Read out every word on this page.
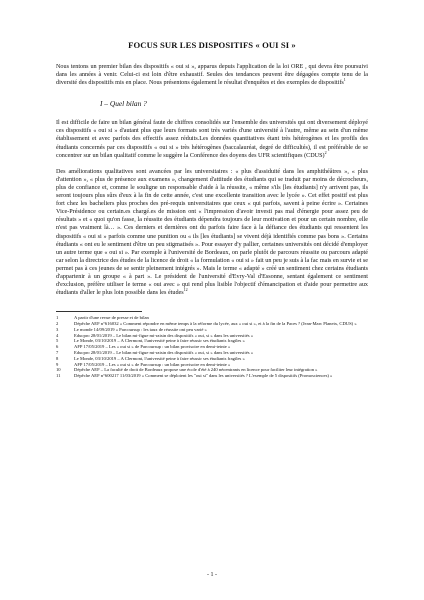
FOCUS SUR LES DISPOSITIFS « OUI SI »

Nous tentons un premier bilan des dispositifs « oui si », apparus depuis l'application de la loi ORE , qui devra être poursuivi dans les années à venir. Celui-ci est loin d'être exhaustif. Seules des tendances peuvent être dégagées compte tenu de la diversité des dispositifs mis en place. Nous présentons également le résultat d'enquêtes et des exemples de dispositifs$^1$

I – Quel bilan ?

Il est difficile de faire un bilan général faute de chiffres consolidés sur l'ensemble des universités qui ont diversement déployé ces dispositifs « oui si » d'autant plus que leurs formats sont très variés d'une université à l'autre, même au sein d'un même établissement et avec parfois des effectifs assez réduits.Les données quantitatives étant très hétérogènes et les profils des étudiants concernés par ces dispositifs « oui si » très hétérogènes (baccalauréat, degré de difficultés), il est préférable de se concentrer sur un bilan qualitatif comme le suggère la Conférence des doyens des UFR scientifiques (CDUS)$^2$

Des améliorations qualitatives sont avancées par les universitaires : « plus d'assiduité dans les amphithéâtres », « plus d'attention », « plus de présence aux examens », changement d'attitude des étudiants qui se traduit par moins de décrocheurs, plus de confiance et, comme le souligne un responsable d'aide à la réussite, « même s'ils [les étudiants] n'y arrivent pas, ils seront toujours plus sûrs d'eux à la fin de cette année, c'est une excellente transition avec le lycée ». Cet effet positif est plus fort chez les bacheliers plus proches des pré-requis universitaires que ceux « qui parfois, savent à peine écrire ». Certaines Vice-Présidence ou certain.es chargé.es de mission ont « l'impression d'avoir investi pas mal d'énergie pour assez peu de résultats » et « quoi qu'on fasse, la réussite des étudiants dépendra toujours de leur motivation et pour un certain nombre, elle n'est pas vraiment là… ». Ces derniers et dernières ont du parfois faire face à la défiance des étudiants qui ressentent les dispositifs « oui si » parfois comme une punition ou « ils [les étudiants] se vivent déjà identifiés comme pas bons ». Certains étudiants « ont eu le sentiment d'être un peu stigmatisés ». Pour essayer d'y pallier, certaines universités ont décidé d'employer un autre terme que « oui si ». Par exemple à l'université de Bordeaux, on parle plutôt de parcours réussite ou parcours adapté car selon la directrice des études de la licence de droit « la formulation « oui si » fait un peu je suis à la fac mais en survie et se permet pas à ces jeunes de se sentir pleinement intégrés ». Mais le terme « adapté » créé un sentiment chez certains étudiants d'appartenir à un groupe « à part ». Le président de l'université d'Evry-Val d'Essonne, sentant également ce sentiment d'exclusion, préfère utiliser le terme « oui avec » qui rend plus lisible l'objectif d'émancipation et d'aide pour permettre aux étudiants d'aller le plus loin possible dans les études$^{12}$

1	A partir d'une revue de presse et de bilan
2	Dépêche AEF n°616032 « Comment répondre en même temps à la réforme du lycée, aux « oui si », et à la fin de la Paces ? (Jean-Marc Planeix, CDUS) »
3	Le monde 14/09/2019 « Parcoursup : les taux de réussite ont peu varié »
4	Educpro 28/01/2019 – Le bilan mi-figue mi-raisin des dispositifs « oui, si » dans les universités »
5	Le Monde, 03/10/2019 – A Clermont, l'université peine à faire réussir ses étudiants fragiles »
6	AFP 17/05/2019 – Les « oui si » de Parcoursup : un bilan provisoire en demi-teinte »
7	Educpro 28/01/2019 – Le bilan mi-figue mi-raisin des dispositifs « oui, si » dans les universités »
8	Le Monde, 03/10/2019 – A Clermont, l'université peine à faire réussir ses étudiants fragiles »
9	AFP 17/05/2019 – Les « oui si » de Parcoursup : un bilan provisoire en demi-teinte »
10	Dépêche AEF – La faculté de droit de Bordeaux propose une école d'été à 240 néoentrants en licence pour faciliter leur intégration »
11	Dépêche AEF n°600217 11/03/2019 « Comment se déploient les "oui si" dans les universités ? L'exemple de 5 dispositifs (Promosciences) »
- 1 -
